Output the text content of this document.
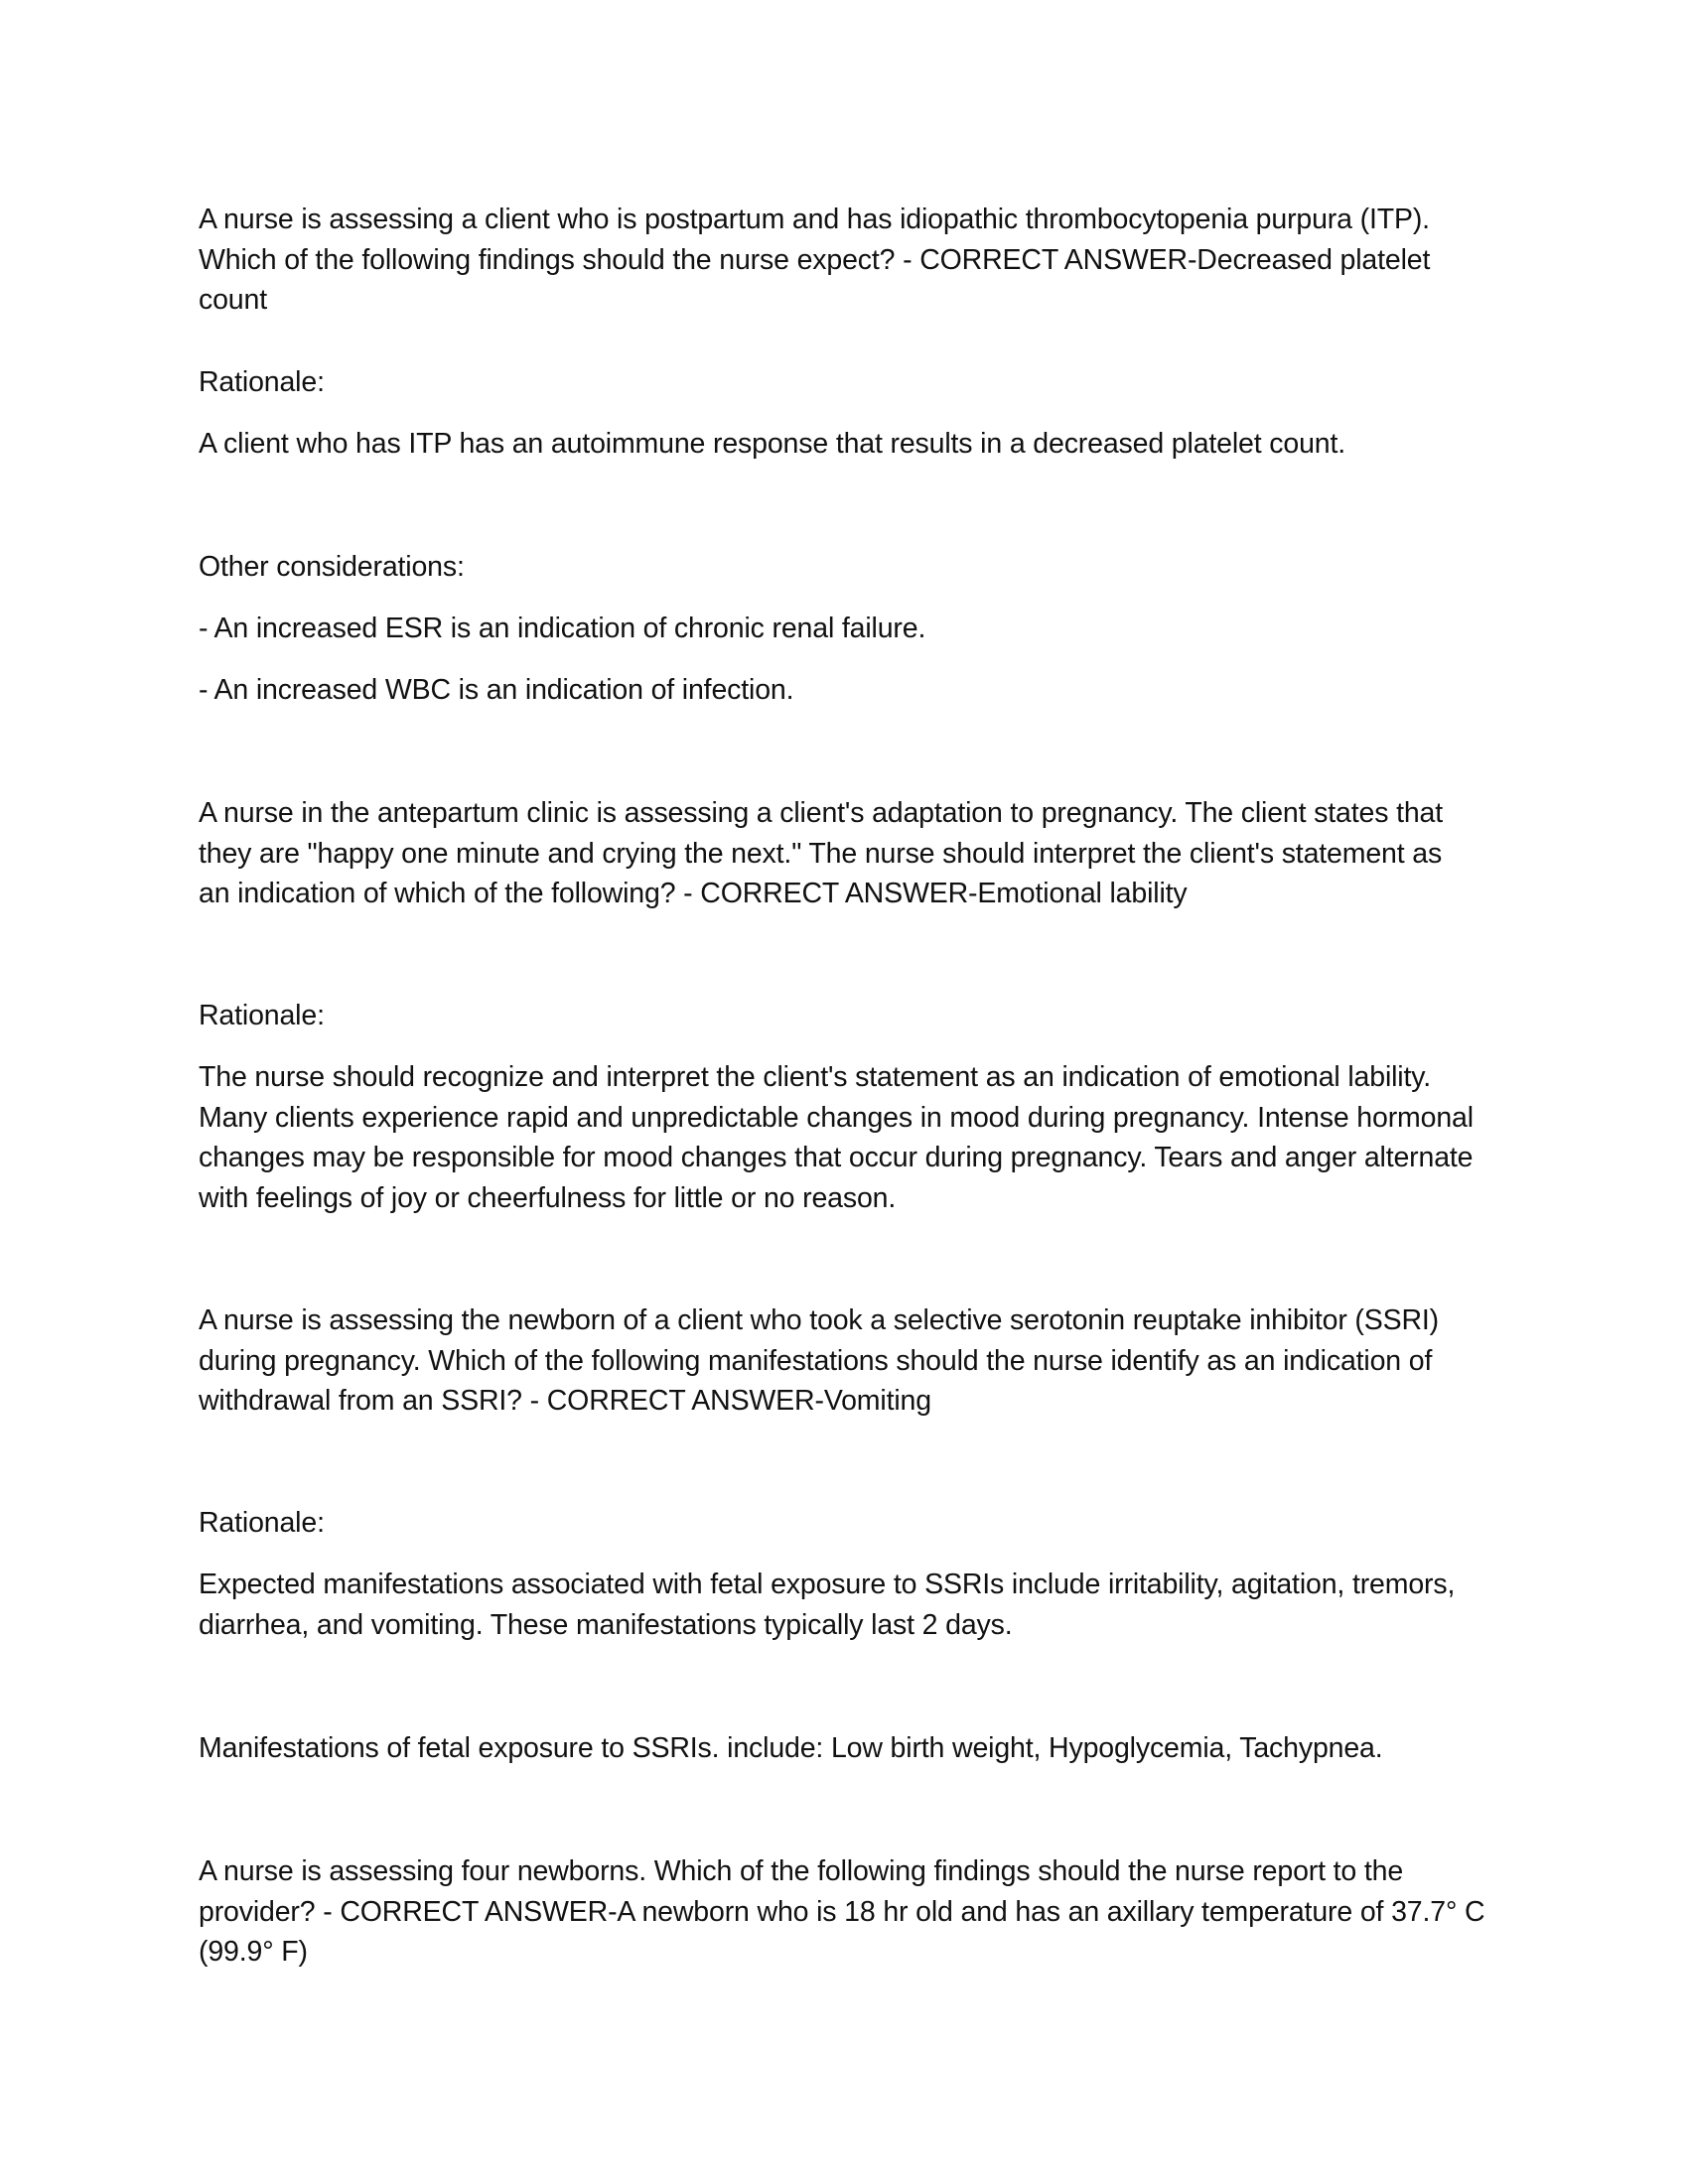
A nurse is assessing a client who is postpartum and has idiopathic thrombocytopenia purpura (ITP).
Which of the following findings should the nurse expect? - CORRECT ANSWER-Decreased platelet count

Rationale:

A client who has ITP has an autoimmune response that results in a decreased platelet count.

Other considerations:

- An increased ESR is an indication of chronic renal failure.

- An increased WBC is an indication of infection.

A nurse in the antepartum clinic is assessing a client's adaptation to pregnancy. The client states that
they are "happy one minute and crying the next." The nurse should interpret the client's statement as
an indication of which of the following? - CORRECT ANSWER-Emotional lability

Rationale:

The nurse should recognize and interpret the client's statement as an indication of emotional lability.
Many clients experience rapid and unpredictable changes in mood during pregnancy. Intense hormonal
changes may be responsible for mood changes that occur during pregnancy. Tears and anger alternate
with feelings of joy or cheerfulness for little or no reason.

A nurse is assessing the newborn of a client who took a selective serotonin reuptake inhibitor (SSRI)
during pregnancy. Which of the following manifestations should the nurse identify as an indication of
withdrawal from an SSRI? - CORRECT ANSWER-Vomiting

Rationale:

Expected manifestations associated with fetal exposure to SSRIs include irritability, agitation, tremors,
diarrhea, and vomiting. These manifestations typically last 2 days.

Manifestations of fetal exposure to SSRIs. include: Low birth weight, Hypoglycemia, Tachypnea.

A nurse is assessing four newborns. Which of the following findings should the nurse report to the
provider? - CORRECT ANSWER-A newborn who is 18 hr old and has an axillary temperature of 37.7° C
(99.9° F)
